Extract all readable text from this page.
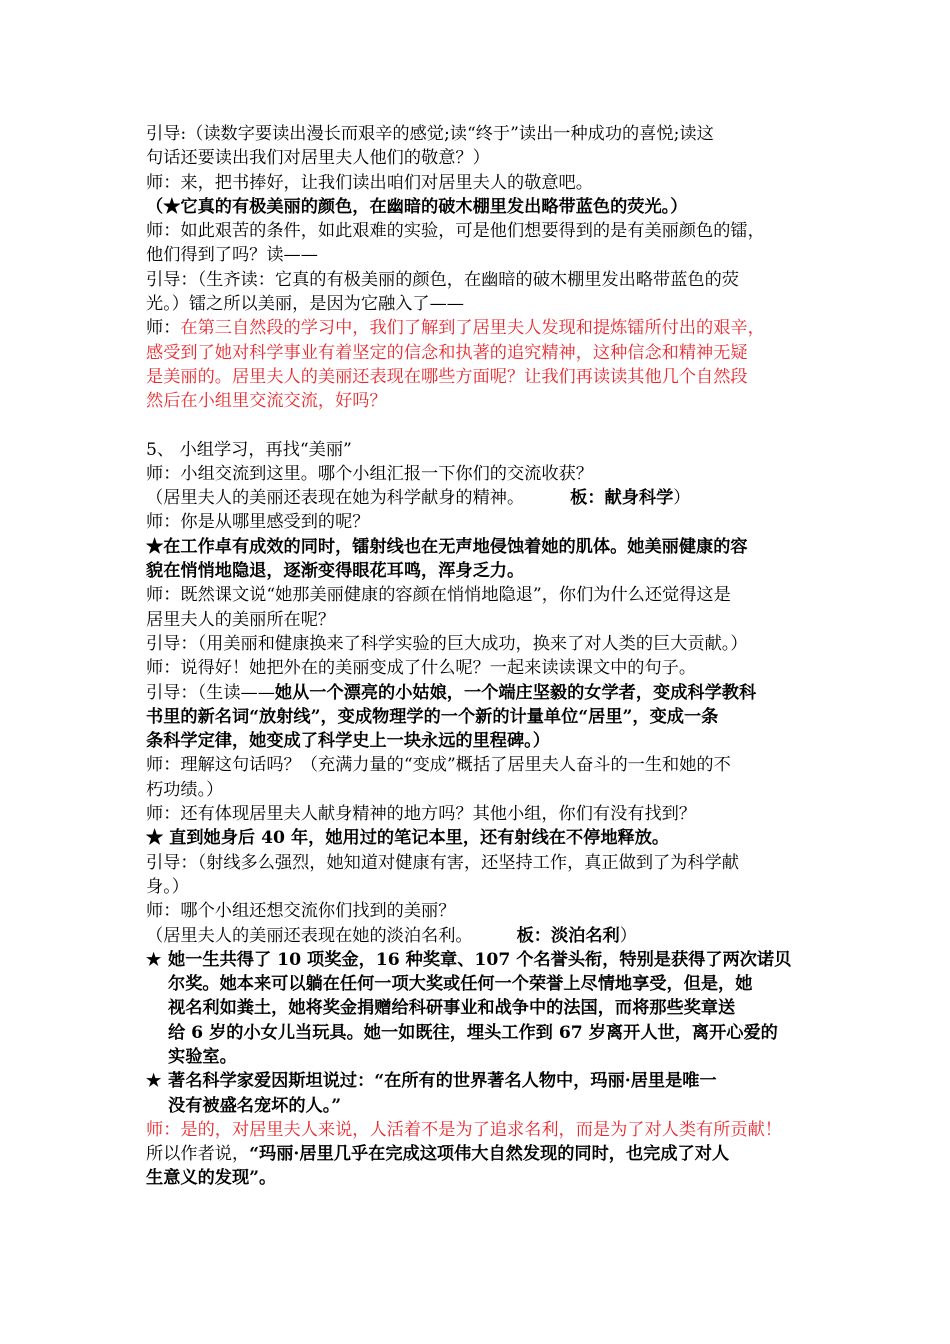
引导:（读数字要读出漫长而艰辛的感觉;读“终于”读出一种成功的喜悦;读这
句话还要读出我们对居里夫人他们的敬意？）
师：来，把书捧好，让我们读出咱们对居里夫人的敬意吧。
（★它真的有极美丽的颜色，在幽暗的破木棚里发出略带蓝色的荧光。）
师：如此艰苦的条件，如此艰难的实验，可是他们想要得到的是有美丽颜色的镭，
他们得到了吗？读——
引导：（生齐读：它真的有极美丽的颜色，在幽暗的破木棚里发出略带蓝色的荧
光。）镭之所以美丽，是因为它融入了——
师：在第三自然段的学习中，我们了解到了居里夫人发现和提炼镭所付出的艰辛，
感受到了她对科学事业有着坚定的信念和执著的追究精神，这种信念和精神无疑
是美丽的。居里夫人的美丽还表现在哪些方面呢？让我们再读读其他几个自然段
然后在小组里交流交流，好吗？
5、 小组学习，再找“美丽”
师：小组交流到这里。哪个小组汇报一下你们的交流收获？
（居里夫人的美丽还表现在她为科学献身的精神。	板：献身科学）
师：你是从哪里感受到的呢？
★在工作卓有成效的同时，镭射线也在无声地侵蚀着她的肌体。她美丽健康的容
貌在悄悄地隐退，逐渐变得眼花耳鸣，浑身乏力。
师：既然课文说“她那美丽健康的容颜在悄悄地隐退”，你们为什么还觉得这是
居里夫人的美丽所在呢？
引导：（用美丽和健康换来了科学实验的巨大成功，换来了对人类的巨大贡献。）
师：说得好！她把外在的美丽变成了什么呢？一起来读读课文中的句子。
引导：（生读——她从一个漂亮的小姑娘，一个端庄坚毅的女学者，变成科学教科
书里的新名词“放射线”，变成物理学的一个新的计量单位“居里”，变成一条
条科学定律，她变成了科学史上一块永远的里程碑。）
师：理解这句话吗？（充满力量的“变成”概括了居里夫人奋斗的一生和她的不
朽功绩。）
师：还有体现居里夫人献身精神的地方吗？其他小组，你们有没有找到？
★ 直到她身后 40 年，她用过的笔记本里，还有射线在不停地释放。
引导：（射线多么强烈，她知道对健康有害，还坚持工作，真正做到了为科学献
身。）
师：哪个小组还想交流你们找到的美丽？
（居里夫人的美丽还表现在她的淡泊名利。	板：淡泊名利）
★ 她一生共得了 10 项奖金，16 种奖章、107 个名誉头衔，特别是获得了两次诺贝
尔奖。她本来可以躺在任何一项大奖或任何一个荣誉上尽情地享受，但是，她
视名利如粪土，她将奖金捐赠给科研事业和战争中的法国，而将那些奖章送
给 6 岁的小女儿当玩具。她一如既往，埋头工作到 67 岁离开人世，离开心爱的
实验室。
★ 著名科学家爱因斯坦说过：“在所有的世界著名人物中，玛丽·居里是唯一
没有被盛名宠坏的人。”
师：是的，对居里夫人来说，人活着不是为了追求名利，而是为了对人类有所贡献！
所以作者说，“玛丽·居里几乎在完成这项伟大自然发现的同时，也完成了对人
生意义的发现”。
